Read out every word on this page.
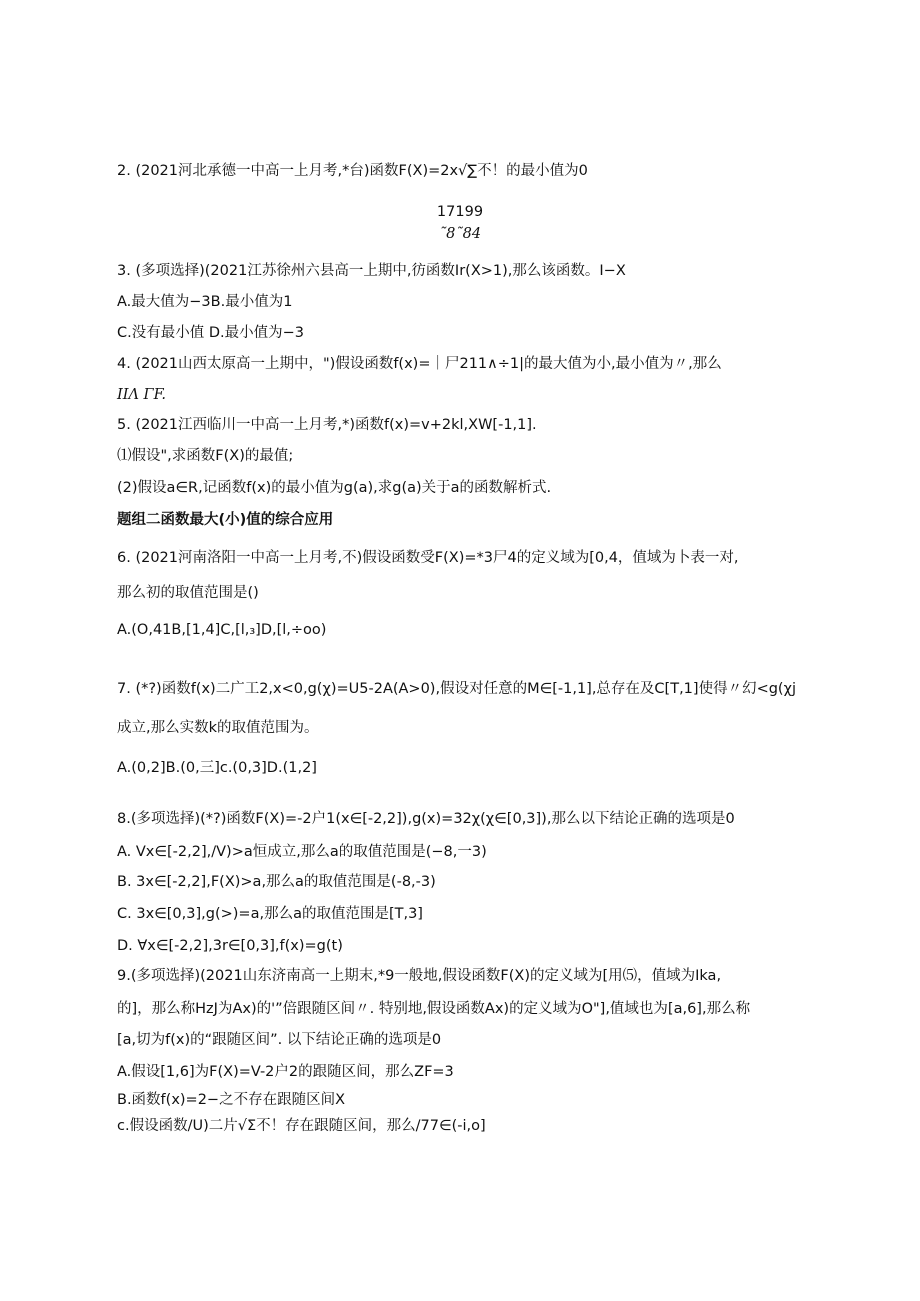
2. (2021河北承德一中高一上月考,*台)函数F(X)=2x√∑不！的最小值为0
17199
˜8˜84
3. (多项选择)(2021江苏徐州六县高一上期中,彷函数Ir(X>1),那么该函数。I−X
A.最大值为−3B.最小值为1
C.没有最小值 D.最小值为−3
4. (2021山西太原高一上期中，")假设函数f(x)=｜尸211∧÷1|的最大值为小,最小值为〃,那么
IIΛ ΓF.
5. (2021江西临川一中高一上月考,*)函数f(x)=v+2kl,XW[-1,1].
⑴假设",求函数F(X)的最值;
(2)假设a∈R,记函数f(x)的最小值为g(a),求g(a)关于a的函数解析式.
题组二函数最大(小)值的综合应用
6. (2021河南洛阳一中高一上月考,不)假设函数受F(X)=*3尸4的定义域为[0,4，值域为卜表一对,
那么初的取值范围是()
A.(O,41B,[1,4]C,[l,₃]D,[l,÷oo)
7. (*?)函数f(x)二广工2,x<0,g(χ)=U5-2A(A>0),假设对任意的M∈[-1,1],总存在及C[T,1]使得〃幻<g(χj
成立,那么实数k的取值范围为。
A.(0,2]B.(0,三]c.(0,3]D.(1,2]
8.(多项选择)(*?)函数F(X)=-2户1(x∈[-2,2]),g(x)=32χ(χ∈[0,3]),那么以下结论正确的选项是0
A. Vx∈[-2,2],/V)>a恒成立,那么a的取值范围是(−8,一3)
B. 3x∈[-2,2],F(X)>a,那么a的取值范围是(-8,-3)
C. 3x∈[0,3],g(>)=a,那么a的取值范围是[T,3]
D. ∀x∈[-2,2],3r∈[0,3],f(x)=g(t)
9.(多项选择)(2021山东济南高一上期末,*9一般地,假设函数F(X)的定义域为[用⑸，值域为Ika,
的]，那么称HzJ为Ax)的'”倍跟随区间〃. 特别地,假设函数Ax)的定义域为O"],值域也为[a,6],那么称
[a,切为f(x)的“跟随区间”. 以下结论正确的选项是0
A.假设[1,6]为F(X)=V-2户2的跟随区间，那么ZF=3
B.函数f(x)=2−之不存在跟随区间X
c.假设函数/U)二片√Σ不！存在跟随区间，那么∕77∈(-i,o]
